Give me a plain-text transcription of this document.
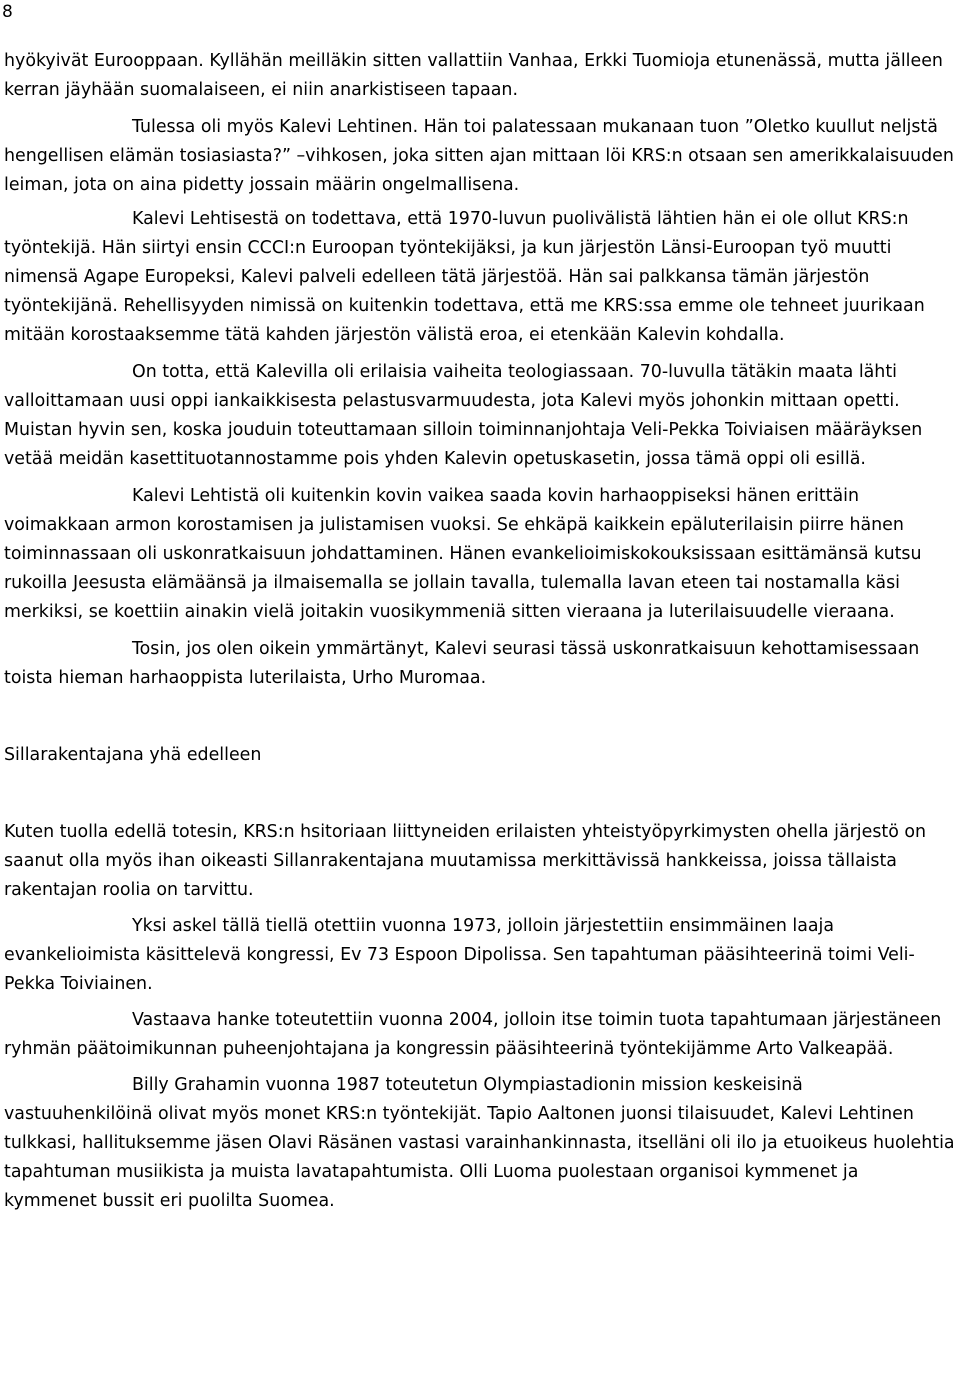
8

hyökyivät Eurooppaan. Kyllähän meilläkin sitten vallattiin Vanhaa, Erkki Tuomioja etunenässä, mutta jälleen kerran jäyhään suomalaiseen, ei niin anarkistiseen tapaan.

Tulessa oli myös Kalevi Lehtinen. Hän toi palatessaan mukanaan tuon ”Oletko kuullut neljstä hengellisen elämän tosiasiasta?” –vihkosen, joka sitten ajan mittaan löi KRS:n otsaan sen amerikkalaisuuden leiman, jota on aina pidetty jossain määrin ongelmallisena.

Kalevi Lehtisestä on todettava, että 1970-luvun puolivälistä lähtien hän ei ole ollut KRS:n työntekijä. Hän siirtyi ensin CCCI:n Euroopan työntekijäksi, ja kun järjestön Länsi-Euroopan työ muutti nimensä Agape Europeksi, Kalevi palveli edelleen tätä järjestöä. Hän sai palkkansa tämän järjestön työntekijänä. Rehellisyyden nimissä on kuitenkin todettava, että me KRS:ssa emme ole tehneet juurikaan mitään korostaaksemme tätä kahden järjestön välistä eroa, ei etenkään Kalevin kohdalla.

On totta, että Kalevilla oli erilaisia vaiheita teologiassaan. 70-luvulla tätäkin maata lähti valloittamaan uusi oppi iankaikkisesta pelastusvarmuudesta, jota Kalevi myös johonkin mittaan opetti. Muistan hyvin sen, koska jouduin toteuttamaan silloin toiminnanjohtaja Veli-Pekka Toiviaisen määräyksen vetää meidän kasettituotannostamme pois yhden Kalevin opetuskasetin, jossa tämä oppi oli esillä.

Kalevi Lehtistä oli kuitenkin kovin vaikea saada kovin harhaoppiseksi hänen erittäin voimakkaan armon korostamisen ja julistamisen vuoksi. Se ehkäpä kaikkein epäluterilaisin piirre hänen toiminnassaan oli uskonratkaisuun johdattaminen. Hänen evankelioimiskokouksissaan esittämänsä kutsu rukoilla Jeesusta elämäänsä ja ilmaisemalla se jollain tavalla, tulemalla lavan eteen tai nostamalla käsi merkiksi, se koettiin ainakin vielä joitakin vuosikymmeniä sitten vieraana ja luterilaisuudelle vieraana.

Tosin, jos olen oikein ymmärtänyt, Kalevi seurasi tässä uskonratkaisuun kehottamisessaan toista hieman harhaoppista luterilaista, Urho Muromaa.

Sillarakentajana yhä edelleen

Kuten tuolla edellä totesin, KRS:n hsitoriaan liittyneiden erilaisten yhteistyöpyrkimysten ohella järjestö on saanut olla myös ihan oikeasti Sillanrakentajana muutamissa merkittävissä hankkeissa, joissa tällaista rakentajan roolia on tarvittu.

Yksi askel tällä tiellä otettiin vuonna 1973, jolloin järjestettiin ensimmäinen laaja evankelioimista käsittelevä kongressi, Ev 73 Espoon Dipolissa. Sen tapahtuman pääsihteerinä toimi Veli-Pekka Toiviainen.

Vastaava hanke toteutettiin vuonna 2004, jolloin itse toimin tuota tapahtumaan järjestäneen ryhmän päätoimikunnan puheenjohtajana ja kongressin pääsihteerinä työntekijämme Arto Valkeapää.

Billy Grahamin vuonna 1987 toteutetun Olympiastadionin mission keskeisinä vastuuhenkilöinä olivat myös monet KRS:n työntekijät. Tapio Aaltonen juonsi tilaisuudet, Kalevi Lehtinen tulkkasi, hallituksemme jäsen Olavi Räsänen vastasi varainhankinnasta, itselläni oli ilo ja etuoikeus huolehtia tapahtuman musiikista ja muista lavatapahtumista. Olli Luoma puolestaan organisoi kymmenet ja kymmenet bussit eri puolilta Suomea.
